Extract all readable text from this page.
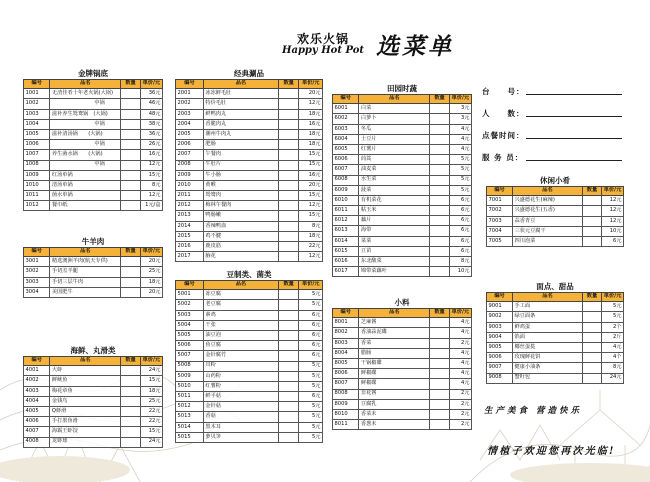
欢乐火锅
Happy Hot Pot 选菜单
金牌锅底
编号	品名	数量	单价/元
1001	无渣佳肴十年老火锅(大锅)		36元
1002	中锅		46元
1003	滋补养生鸳鸯锅　(大锅)		48元
1004	中锅		38元
1005	滋补清汤锅　　(大锅)		36元
1006	中锅		26元
1007	养生菌水锅　　(大锅)		16元
1008	中锅		12元
1009	红汤单锅		15元
1010	清汤单锅		8元
1011	菌水单锅		12元
1012	餐巾纸		1元/盒
牛羊肉
编号	品名	数量	单价/元
3001	精选澳洲羊肉(航天专供)		20元
3002	手切羔羊腿		25元
3003	手切三层牛肉		18元
3004	美国肥牛		20元
海鲜、丸滑类
编号	品名	数量	单价/元
4001	大虾		24元
4002	鲜鱿鱼		15元
4003	梅花章鱼		18元
4004	金钱鸟		25元
4005	Q虾滑		22元
4006	手打墨鱼滑		22元
4007	海霸王虾饺		15元
4008	龙虾球		24元
经典涮品
编号	品名	数量	单价/元
2001	冰冻鲜毛肚		20元
2002	特价毛肚		12元
2003	鲜鸭肉丸		18元
2004	香脆肉丸		16元
2005	潮州牛肉丸		18元
2006	肥肠		18元
2007	午餐肉		15元
2008	牛肚片		15元
2009	牛小肠		16元
2010	黄喉		20元
2011	鸳鸯肉		15元
2012	梅林午餐肉		12元
2013	鸭肠嫩		15元
2014	香辣鸭血		8元
2015	鸡不腱		18元
2016	鹿皮筋		22元
2017	脑花		12元
豆制类、菌类
编号	品名	数量	单价/元
5001	冻豆腐		5元
5002	老豆腐		5元
5003	素鸡		6元
5004	干张		6元
5005	油豆泡		6元
5006	鱼豆腐		6元
5007	金针腐竹		6元
5008	川粉		5元
5009	山药粉		5元
5010	红薯粉		5元
5011	鲜平菇		6元
5012	金针菇		5元
5013	香菇		5元
5014	黑木耳		5元
5015	萝贝笋		5元
田园时蔬
编号	品名	数量	单价/元
6001	白菜		3元
6002	白萝卜		3元
6003	冬瓜		4元
6004	土豆片		4元
6005	红薯片		4元
6006	茼蒿		5元
6007	油麦菜		5元
6008	水生菜		5元
6009	菠菜		5元
6010	有机菜花		6元
6011	粘玉米		6元
6012	藕片		6元
6013	海带		6元
6014	菜菜		6元
6015	豆苗		6元
6016	东北酸菜		8元
6017	锦带菜藕叶		10元
小料
编号	品名	数量	单价/元
8001	芝麻酱		4元
8002	香油蒜泥碟		4元
8003	香菜		2元
8004	腊肠		4元
8005	干锅椒碟		4元
8006	鲜椒碟		4元
8007	鲜椒碟		4元
8008	韭花酱		2元
8009	豆腐乳		2元
8010	香菜末		2元
8011	香葱末		2元
休闲小肴
编号	品名	数量	单价/元
7001	兴盛德花生(麻辣)		12元
7002	兴盛德花生(五香)		12元
7003	蒜香青豆		12元
7004	三状元豆腐干		10元
7005	四川泡菜		6元
面点、甜品
编号	品名	数量	单价/元
9001	手工面		5元
9002	绿豆面条		5元
9003	鲜鸡蛋		2个
9004	馅面		2斤
9005	椰丝蛋挞		4元
9006	玫瑰鲜花饼		4个
9007	健康小油条		8元
9008	蟹籽包		24元
台　　号：
人　　数：
点餐时间：
服 务 员：
生产美食 营造快乐
情植子欢迎您再次光临!
